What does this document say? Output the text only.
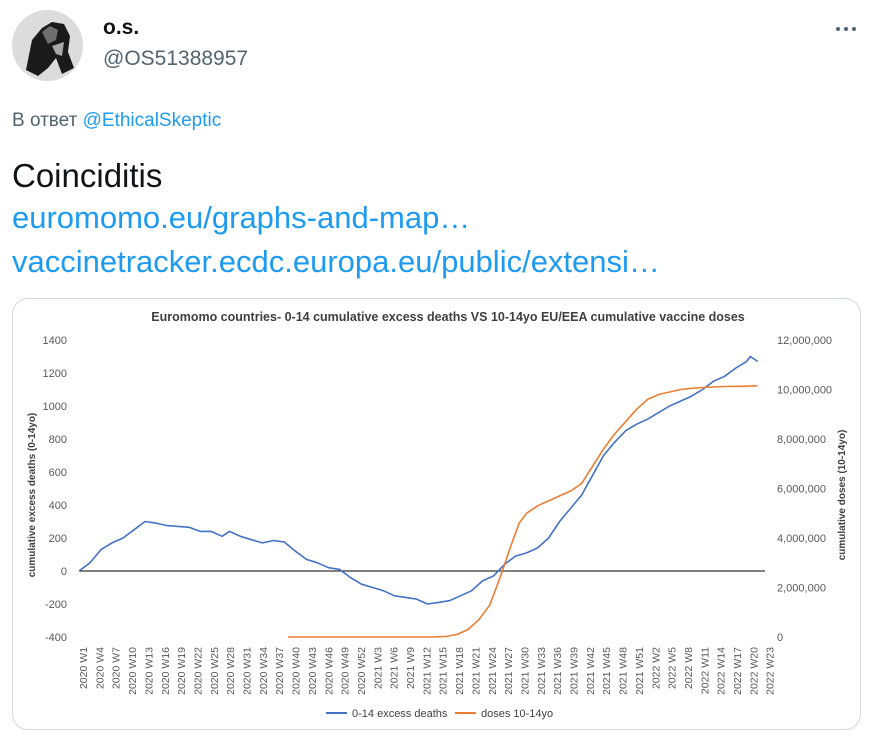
o.s.
@OS51388957
В ответ @EthicalSkeptic
Coinciditis
euromomo.eu/graphs-and-map…
vaccinetracker.ecdc.europa.eu/public/extensi…
Euromomo countries- 0-14 cumulative excess deaths VS 10-14yo EU/EEA cumulative vaccine doses
-400
-200
0
200
400
600
800
1000
1200
1400
0
2,000,000
4,000,000
6,000,000
8,000,000
10,000,000
12,000,000
2020 W1 2020 W4 2020 W7 2020 W10 2020 W13 2020 W16 2020 W19 2020 W22 2020 W25 2020 W28 2020 W31 2020 W34 2020 W37 2020 W40 2020 W43 2020 W46 2020 W49 2020 W52 2021 W3 2021 W6 2021 W9 2021 W12 2021 W15 2021 W18 2021 W21 2021 W24 2021 W27 2021 W30 2021 W33 2021 W36 2021 W39 2021 W42 2021 W45 2021 W48 2021 W51 2022 W2 2022 W5 2022 W8 2022 W11 2022 W14 2022 W17 2022 W20 2022 W23
cumulative excess deaths (0-14yo)	cumulative doses (10-14yo)
0-14 excess deaths	doses 10-14yo
